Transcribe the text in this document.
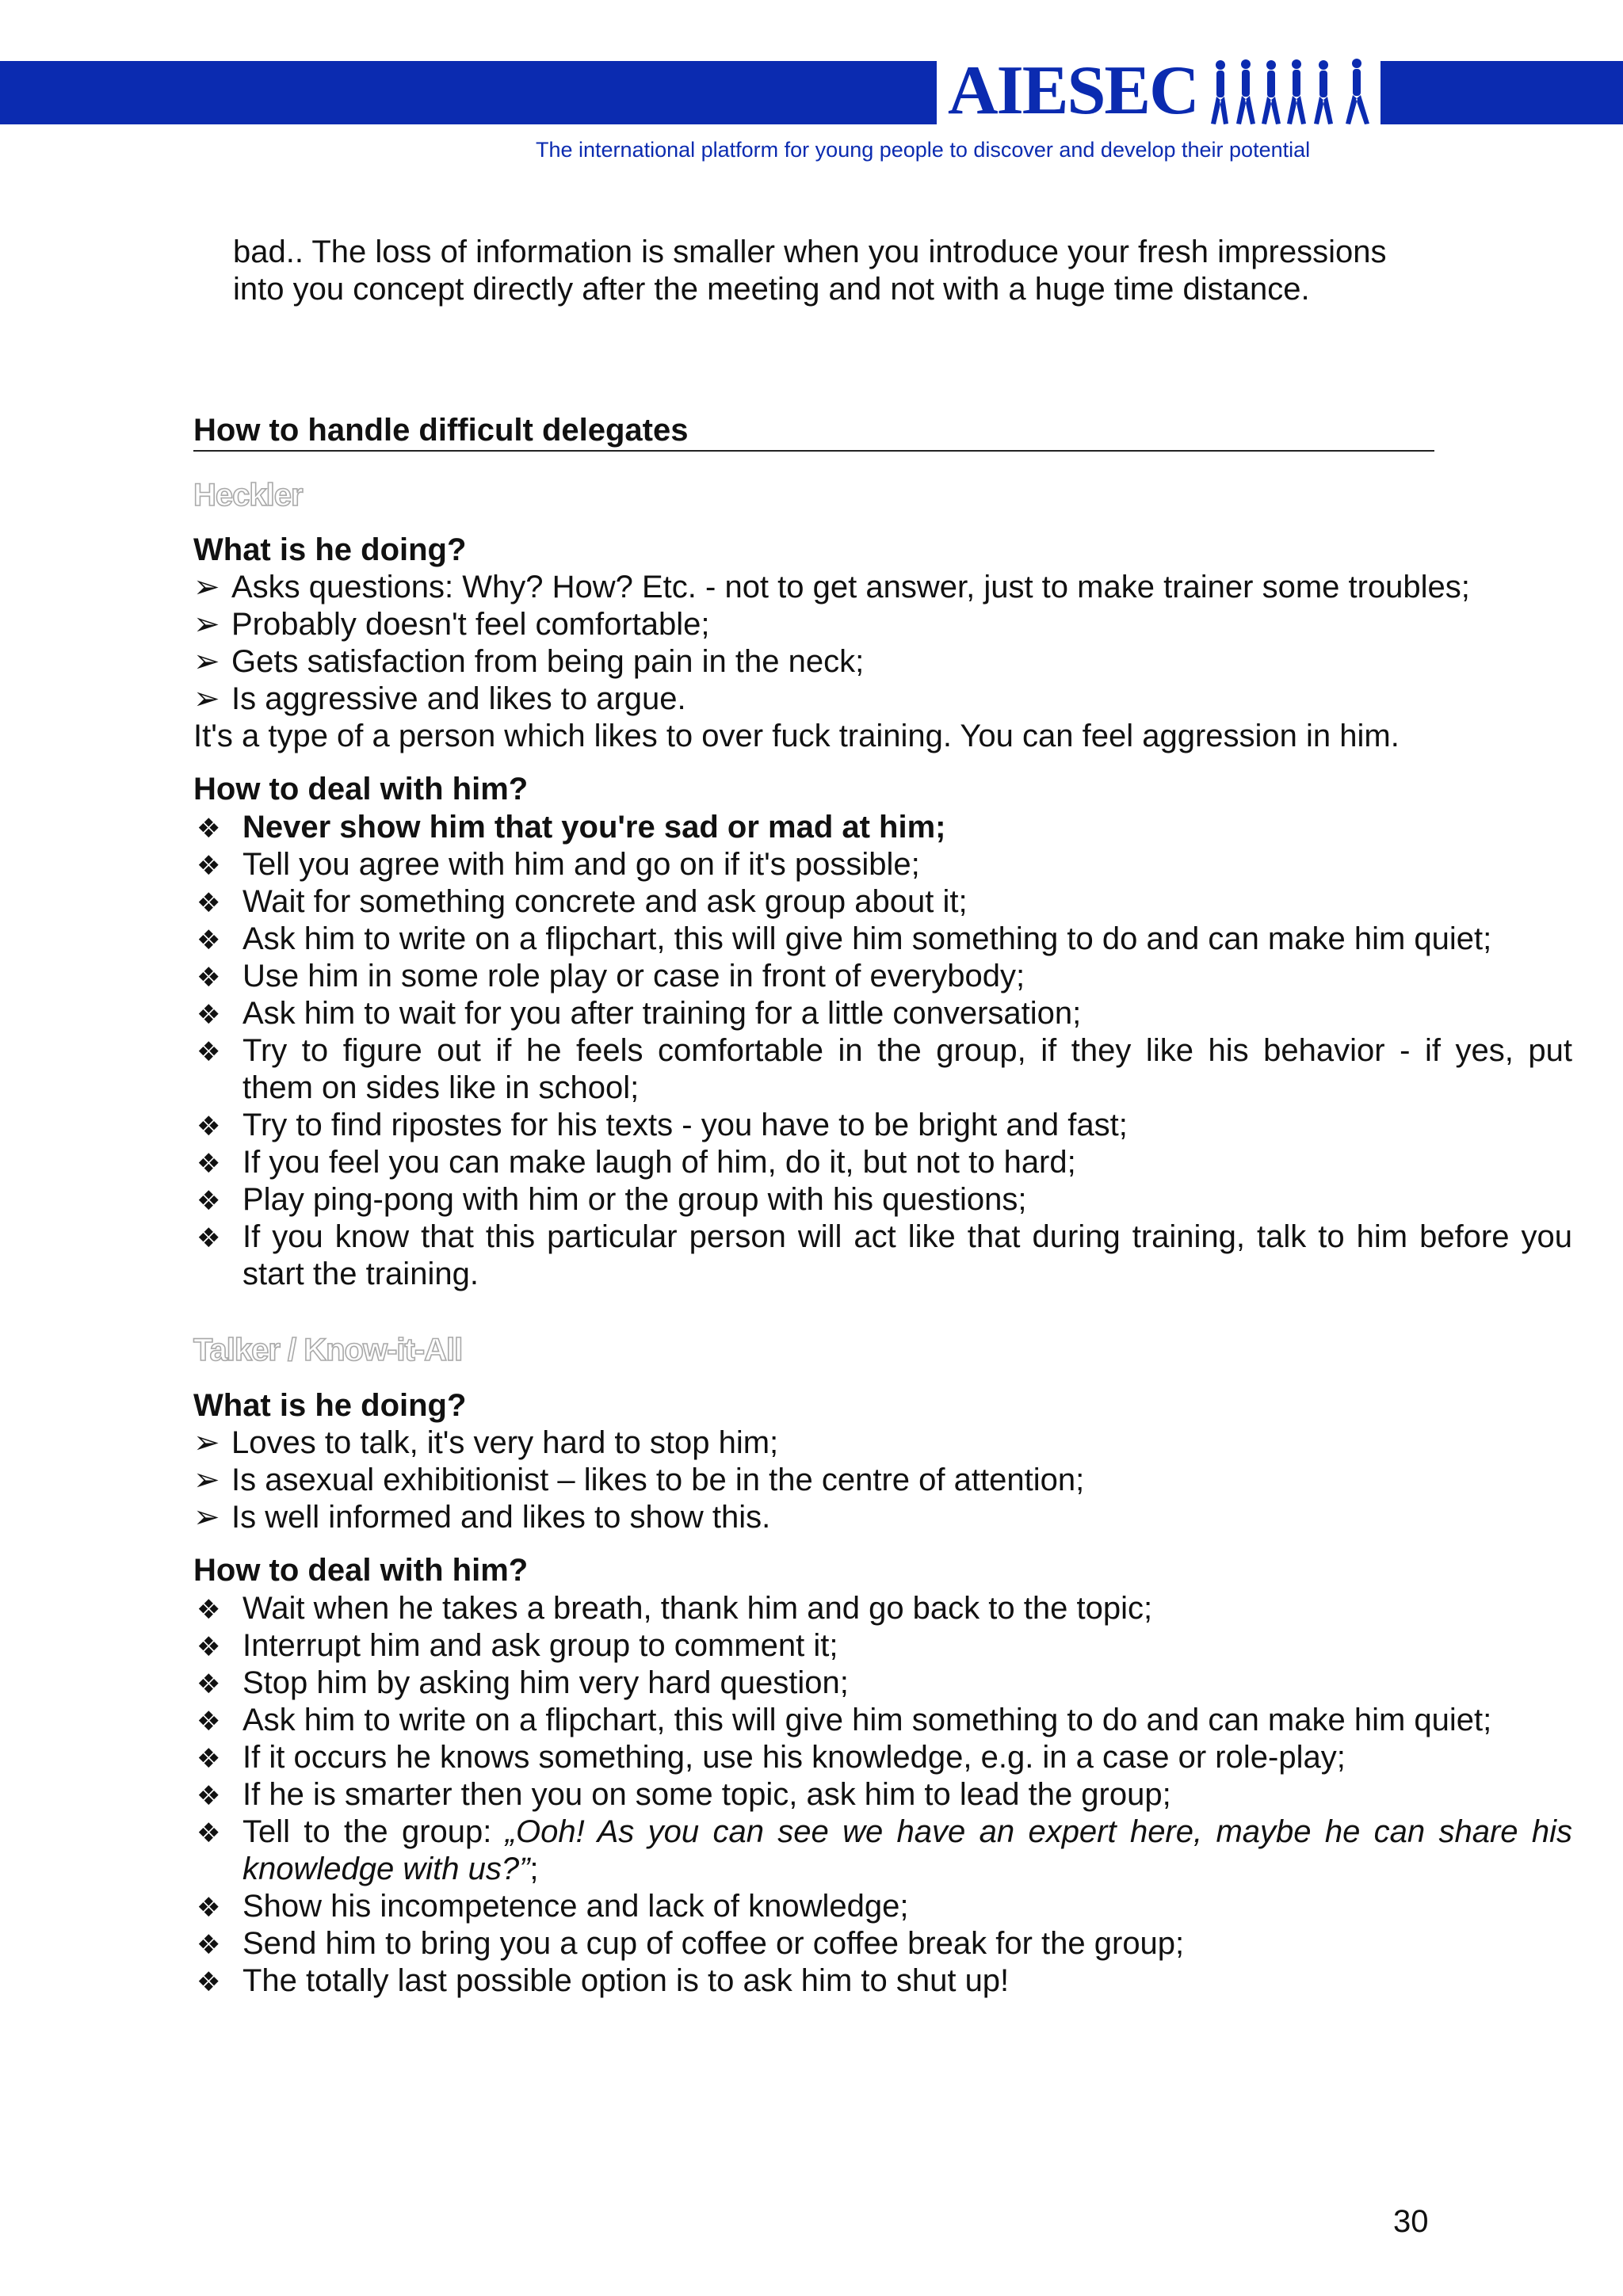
AIESEC
The international platform for young people to discover and develop their potential
bad.. The loss of information is smaller when you introduce your fresh impressions
into you concept directly after the meeting and not with a huge time distance.
How to handle difficult delegates
Heckler
What is he doing?
➢ Asks questions: Why? How? Etc. - not to get answer, just to make trainer some troubles;
➢ Probably doesn't feel comfortable;
➢ Gets satisfaction from being pain in the neck;
➢ Is aggressive and likes to argue.
It's a type of a person which likes to over fuck training. You can feel aggression in him.
How to deal with him?
❖ Never show him that you're sad or mad at him;
❖ Tell you agree with him and go on if it's possible;
❖ Wait for something concrete and ask group about it;
❖ Ask him to write on a flipchart, this will give him something to do and can make him quiet;
❖ Use him in some role play or case in front of everybody;
❖ Ask him to wait for you after training for a little conversation;
❖ Try to figure out if he feels comfortable in the group, if they like his behavior - if yes, put
them on sides like in school;
❖ Try to find ripostes for his texts - you have to be bright and fast;
❖ If you feel you can make laugh of him, do it, but not to hard;
❖ Play ping-pong with him or the group with his questions;
❖ If you know that this particular person will act like that during training, talk to him before you
start the training.
Talker / Know-it-All
What is he doing?
➢ Loves to talk, it's very hard to stop him;
➢ Is asexual exhibitionist – likes to be in the centre of attention;
➢ Is well informed and likes to show this.
How to deal with him?
❖ Wait when he takes a breath, thank him and go back to the topic;
❖ Interrupt him and ask group to comment it;
❖ Stop him by asking him very hard question;
❖ Ask him to write on a flipchart, this will give him something to do and can make him quiet;
❖ If it occurs he knows something, use his knowledge, e.g. in a case or role-play;
❖ If he is smarter then you on some topic, ask him to lead the group;
❖ Tell to the group: „Ooh! As you can see we have an expert here, maybe he can share his
knowledge with us?”;
❖ Show his incompetence and lack of knowledge;
❖ Send him to bring you a cup of coffee or coffee break for the group;
❖ The totally last possible option is to ask him to shut up!
30
